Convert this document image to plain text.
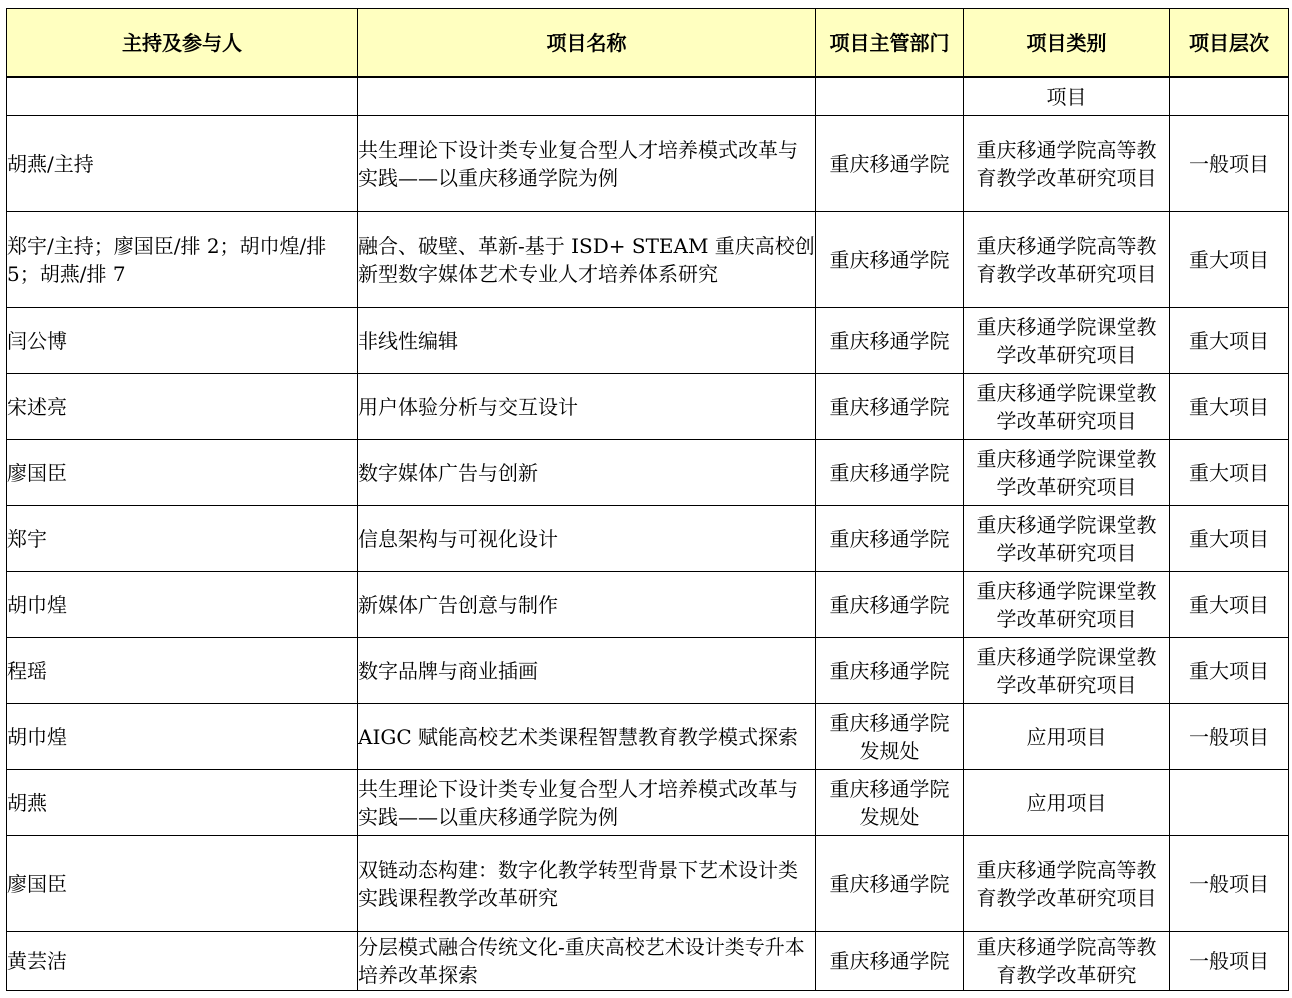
主持及参与人	项目名称	项目主管部门	项目类别	项目层次
			项目	
胡燕/主持	共生理论下设计类专业复合型人才培养模式改革与实践——以重庆移通学院为例	重庆移通学院	重庆移通学院高等教育教学改革研究项目	一般项目
郑宇/主持；廖国臣/排 2；胡巾煌/排 5；胡燕/排 7	融合、破壁、革新-基于 ISD+ STEAM 重庆高校创新型数字媒体艺术专业人才培养体系研究	重庆移通学院	重庆移通学院高等教育教学改革研究项目	重大项目
闫公博	非线性编辑	重庆移通学院	重庆移通学院课堂教学改革研究项目	重大项目
宋述亮	用户体验分析与交互设计	重庆移通学院	重庆移通学院课堂教学改革研究项目	重大项目
廖国臣	数字媒体广告与创新	重庆移通学院	重庆移通学院课堂教学改革研究项目	重大项目
郑宇	信息架构与可视化设计	重庆移通学院	重庆移通学院课堂教学改革研究项目	重大项目
胡巾煌	新媒体广告创意与制作	重庆移通学院	重庆移通学院课堂教学改革研究项目	重大项目
程瑶	数字品牌与商业插画	重庆移通学院	重庆移通学院课堂教学改革研究项目	重大项目
胡巾煌	AIGC 赋能高校艺术类课程智慧教育教学模式探索	重庆移通学院发规处	应用项目	一般项目
胡燕	共生理论下设计类专业复合型人才培养模式改革与实践——以重庆移通学院为例	重庆移通学院发规处	应用项目	
廖国臣	双链动态构建：数字化教学转型背景下艺术设计类实践课程教学改革研究	重庆移通学院	重庆移通学院高等教育教学改革研究项目	一般项目
黄芸洁	分层模式融合传统文化-重庆高校艺术设计类专升本培养改革探索	重庆移通学院	重庆移通学院高等教育教学改革研究	一般项目
